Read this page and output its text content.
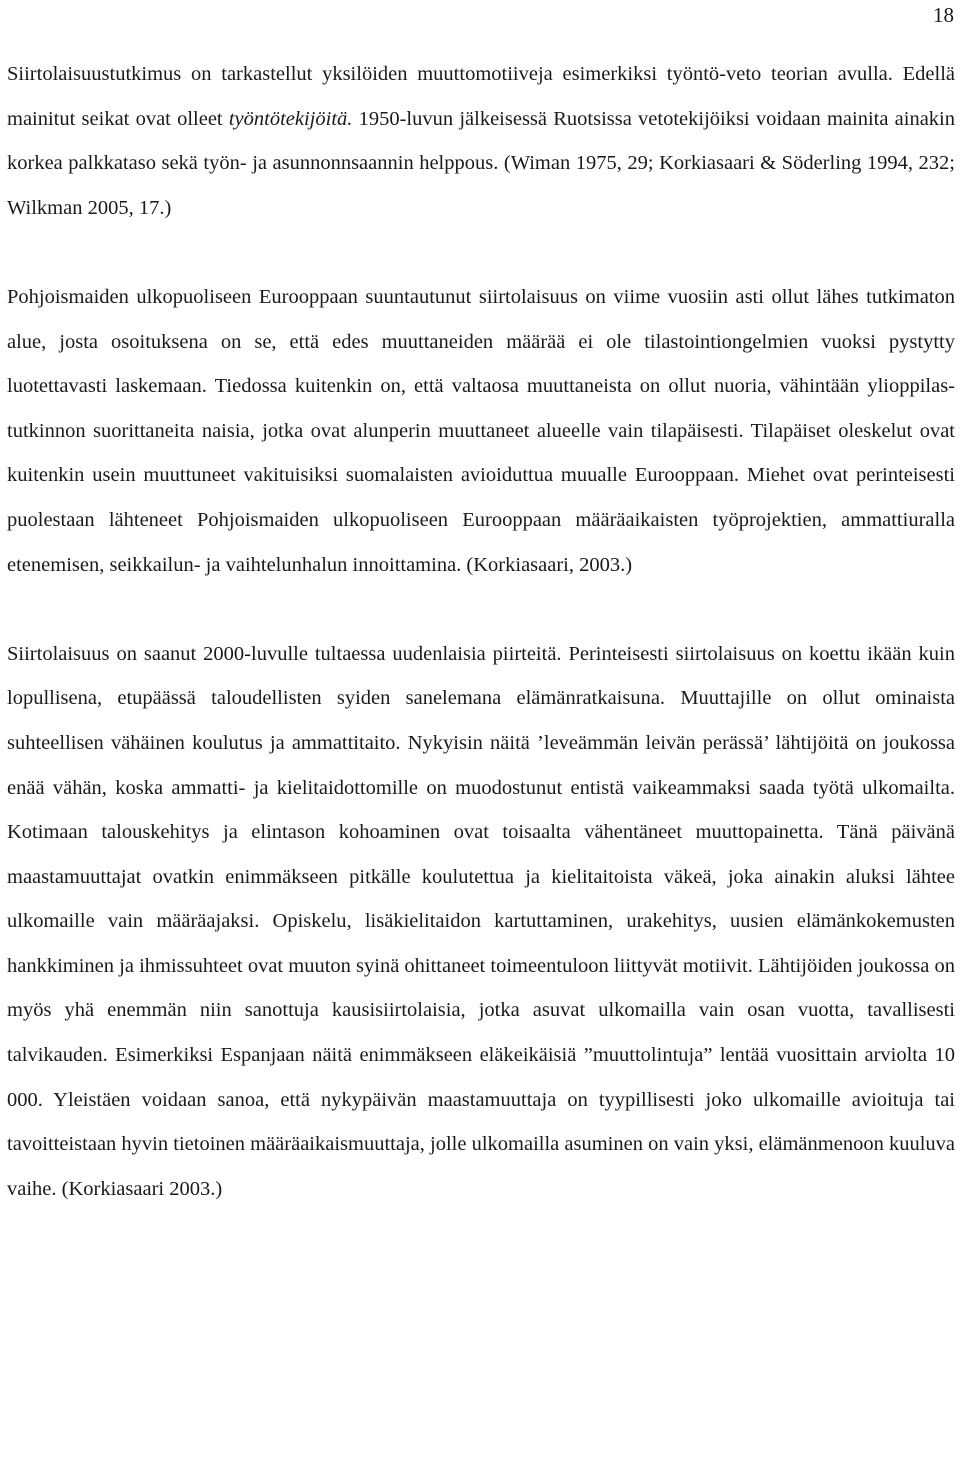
18

Siirtolaisuustutkimus on tarkastellut yksilöiden muuttomotiiveja esimerkiksi työntö-veto teorian avulla. Edellä mainitut seikat ovat olleet työntötekijöitä. 1950-luvun jälkeisessä Ruotsissa vetotekijöiksi voidaan mainita ainakin korkea palkkataso sekä työn- ja asunnonnsaannin helppous. (Wiman 1975, 29; Korkiasaari & Söderling 1994, 232; Wilkman 2005, 17.)

Pohjoismaiden ulkopuoliseen Eurooppaan suuntautunut siirtolaisuus on viime vuosiin asti ollut lähes tutkimaton alue, josta osoituksena on se, että edes muuttaneiden määrää ei ole tilastointiongelmien vuoksi pystytty luotettavasti laskemaan. Tiedossa kuitenkin on, että valtaosa muuttaneista on ollut nuoria, vähintään ylioppilas-tutkinnon suorittaneita naisia, jotka ovat alunperin muuttaneet alueelle vain tilapäisesti. Tilapäiset oleskelut ovat kuitenkin usein muuttuneet vakituisiksi suomalaisten avioiduttua muualle Eurooppaan. Miehet ovat perinteisesti puolestaan lähteneet Pohjoismaiden ulkopuoliseen Eurooppaan määräaikaisten työprojektien, ammattiuralla etenemisen, seikkailun- ja vaihtelunhalun innoittamina. (Korkiasaari, 2003.)

Siirtolaisuus on saanut 2000-luvulle tultaessa uudenlaisia piirteitä. Perinteisesti siirtolaisuus on koettu ikään kuin lopullisena, etupäässä taloudellisten syiden sanelemana elämänratkaisuna. Muuttajille on ollut ominaista suhteellisen vähäinen koulutus ja ammattitaito. Nykyisin näitä ’leveämmän leivän perässä’ lähtijöitä on joukossa enää vähän, koska ammatti- ja kielitaidottomille on muodostunut entistä vaikeammaksi saada työtä ulkomailta. Kotimaan talouskehitys ja elintason kohoaminen ovat toisaalta vähentäneet muuttopainetta. Tänä päivänä maastamuuttajat ovatkin enimmäkseen pitkälle koulutettua ja kielitaitoista väkeä, joka ainakin aluksi lähtee ulkomaille vain määräajaksi. Opiskelu, lisäkielitaidon kartuttaminen, urakehitys, uusien elämänkokemusten hankkiminen ja ihmissuhteet ovat muuton syinä ohittaneet toimeentuloon liittyvät motiivit. Lähtijöiden joukossa on myös yhä enemmän niin sanottuja kausisiirtolaisia, jotka asuvat ulkomailla vain osan vuotta, tavallisesti talvikauden. Esimerkiksi Espanjaan näitä enimmäkseen eläkeikäisiä ”muuttolintuja” lentää vuosittain arviolta 10 000. Yleistäen voidaan sanoa, että nykypäivän maastamuuttaja on tyypillisesti joko ulkomaille avioituja tai tavoitteistaan hyvin tietoinen määräaikaismuuttaja, jolle ulkomailla asuminen on vain yksi, elämänmenoon kuuluva vaihe. (Korkiasaari 2003.)
